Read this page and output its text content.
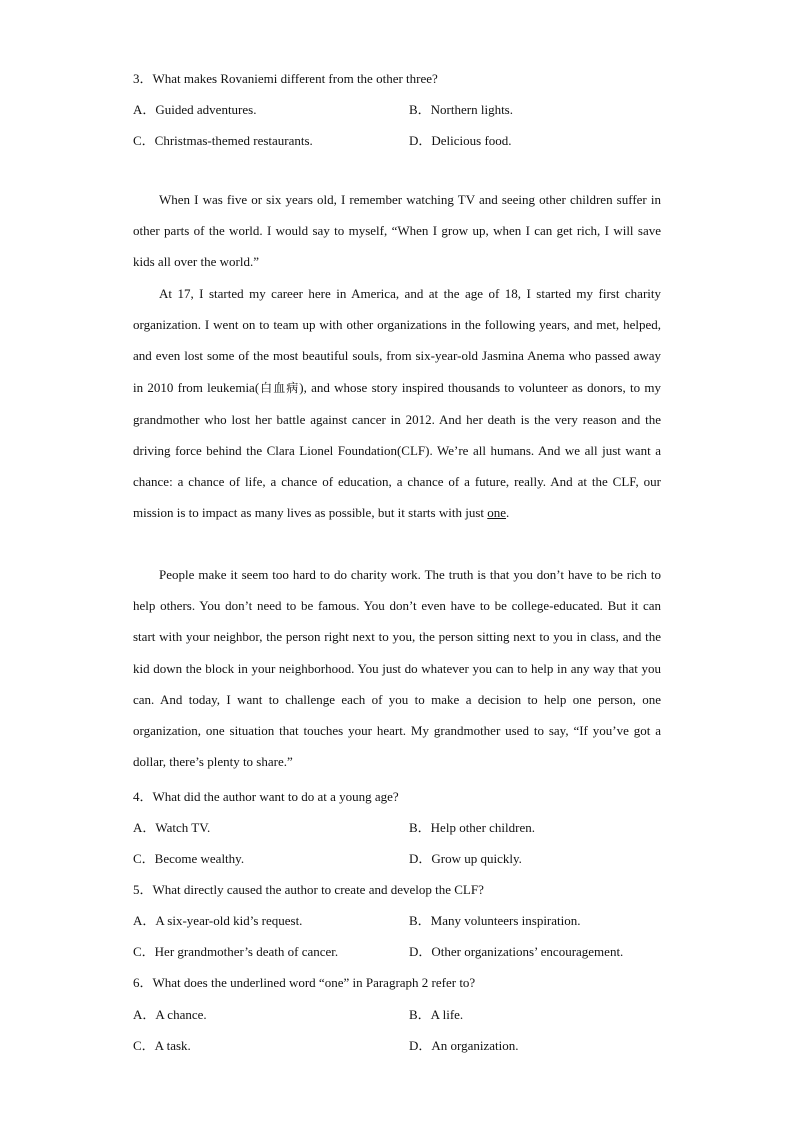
3．What makes Rovaniemi different from the other three?
A．Guided adventures.	B．Northern lights.
C．Christmas-themed restaurants.	D．Delicious food.

When I was five or six years old, I remember watching TV and seeing other children suffer in other parts of the world. I would say to myself, “When I grow up, when I can get rich, I will save kids all over the world.”

At 17, I started my career here in America, and at the age of 18, I started my first charity organization. I went on to team up with other organizations in the following years, and met, helped, and even lost some of the most beautiful souls, from six-year-old Jasmina Anema who passed away in 2010 from leukemia(白血病), and whose story inspired thousands to volunteer as donors, to my grandmother who lost her battle against cancer in 2012. And her death is the very reason and the driving force behind the Clara Lionel Foundation(CLF). We’re all humans. And we all just want a chance: a chance of life, a chance of education, a chance of a future, really. And at the CLF, our mission is to impact as many lives as possible, but it starts with just one.

People make it seem too hard to do charity work. The truth is that you don’t have to be rich to help others. You don’t need to be famous. You don’t even have to be college-educated. But it can start with your neighbor, the person right next to you, the person sitting next to you in class, and the kid down the block in your neighborhood. You just do whatever you can to help in any way that you can. And today, I want to challenge each of you to make a decision to help one person, one organization, one situation that touches your heart. My grandmother used to say, “If you’ve got a dollar, there’s plenty to share.”

4．What did the author want to do at a young age?
A．Watch TV.	B．Help other children.
C．Become wealthy.	D．Grow up quickly.
5．What directly caused the author to create and develop the CLF?
A．A six-year-old kid’s request.	B．Many volunteers inspiration.
C．Her grandmother’s death of cancer.	D．Other organizations’ encouragement.
6．What does the underlined word “one” in Paragraph 2 refer to?
A．A chance.	B．A life.
C．A task.	D．An organization.
